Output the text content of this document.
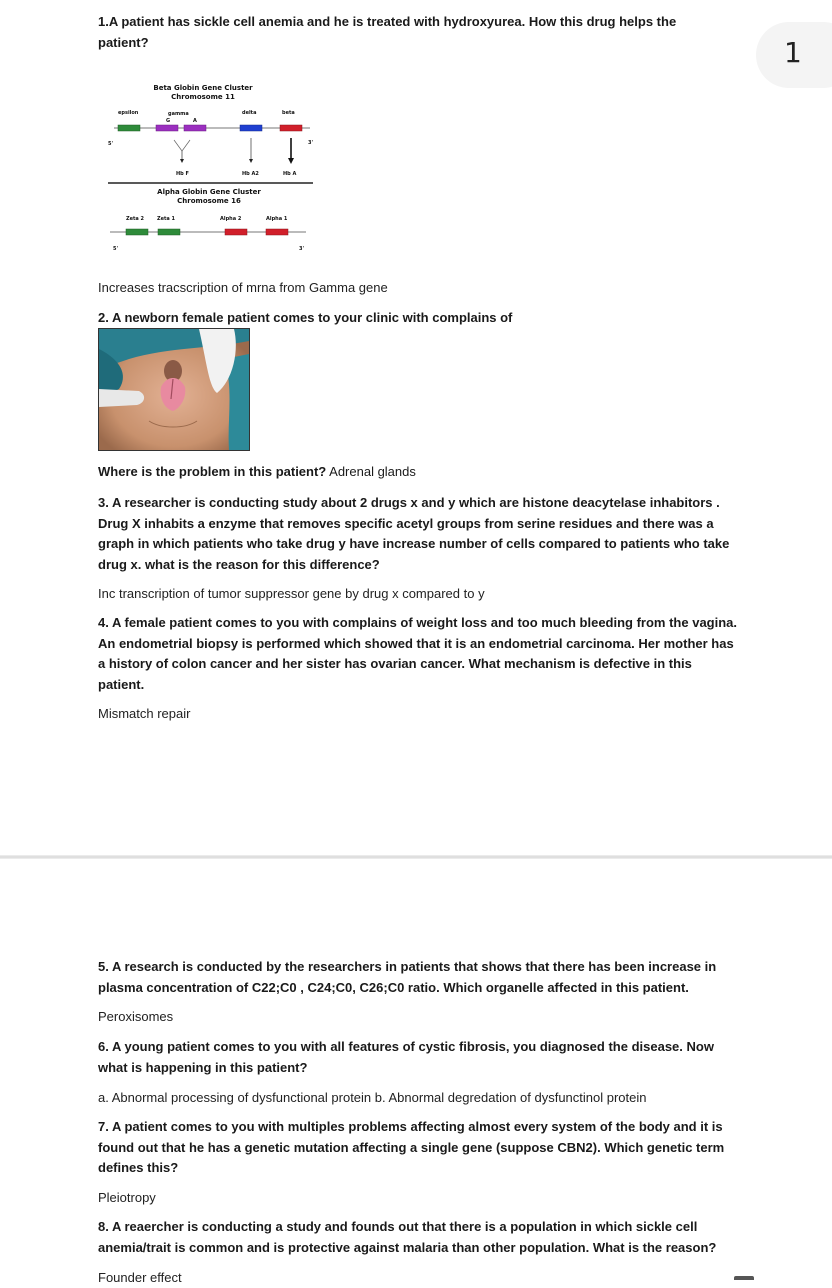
1

1.A patient has sickle cell anemia and he is treated with hydroxyurea. How this drug helps the patient?

Beta Globin Gene Cluster
Chromosome 11
epsilon	gamma
G	A
delta	beta
5'	3'
Hb F	Hb A2	Hb A
Alpha Globin Gene Cluster
Chromosome 16
Zeta 2	Zeta 1	Alpha 2	Alpha 1
5'	3'

Increases tracscription of mrna from Gamma gene

2. A newborn female patient comes to your clinic with complains of

Where is the problem in this patient? Adrenal glands

3. A researcher is conducting study about 2 drugs x and y which are histone deacytelase inhabitors . Drug X inhabits a enzyme that removes specific acetyl groups from serine residues and there was a graph in which patients who take drug y have increase number of cells compared to patients who take drug x. what is the reason for this difference?

Inc transcription of tumor suppressor gene by drug x compared to y

4. A female patient comes to you with complains of weight loss and too much bleeding from the vagina. An endometrial biopsy is performed which showed that it is an endometrial carcinoma. Her mother has a history of colon cancer and her sister has ovarian cancer. What mechanism is defective in this patient.

Mismatch repair

5. A research is conducted by the researchers in patients that shows that there has been increase in plasma concentration of C22;C0 , C24;C0, C26;C0 ratio. Which organelle affected in this patient.

Peroxisomes

6. A young patient comes to you with all features of cystic fibrosis, you diagnosed the disease. Now what is happening in this patient?

a. Abnormal processing of dysfunctional protein b. Abnormal degredation of dysfunctinol protein

7. A patient comes to you with multiples problems affecting almost every system of the body and it is found out that he has a genetic mutation affecting a single gene (suppose CBN2). Which genetic term defines this?

Pleiotropy

8. A reaercher is conducting a study and founds out that there is a population in which sickle cell anemia/trait is common and is protective against malaria than other population. What is the reason?

Founder effect
